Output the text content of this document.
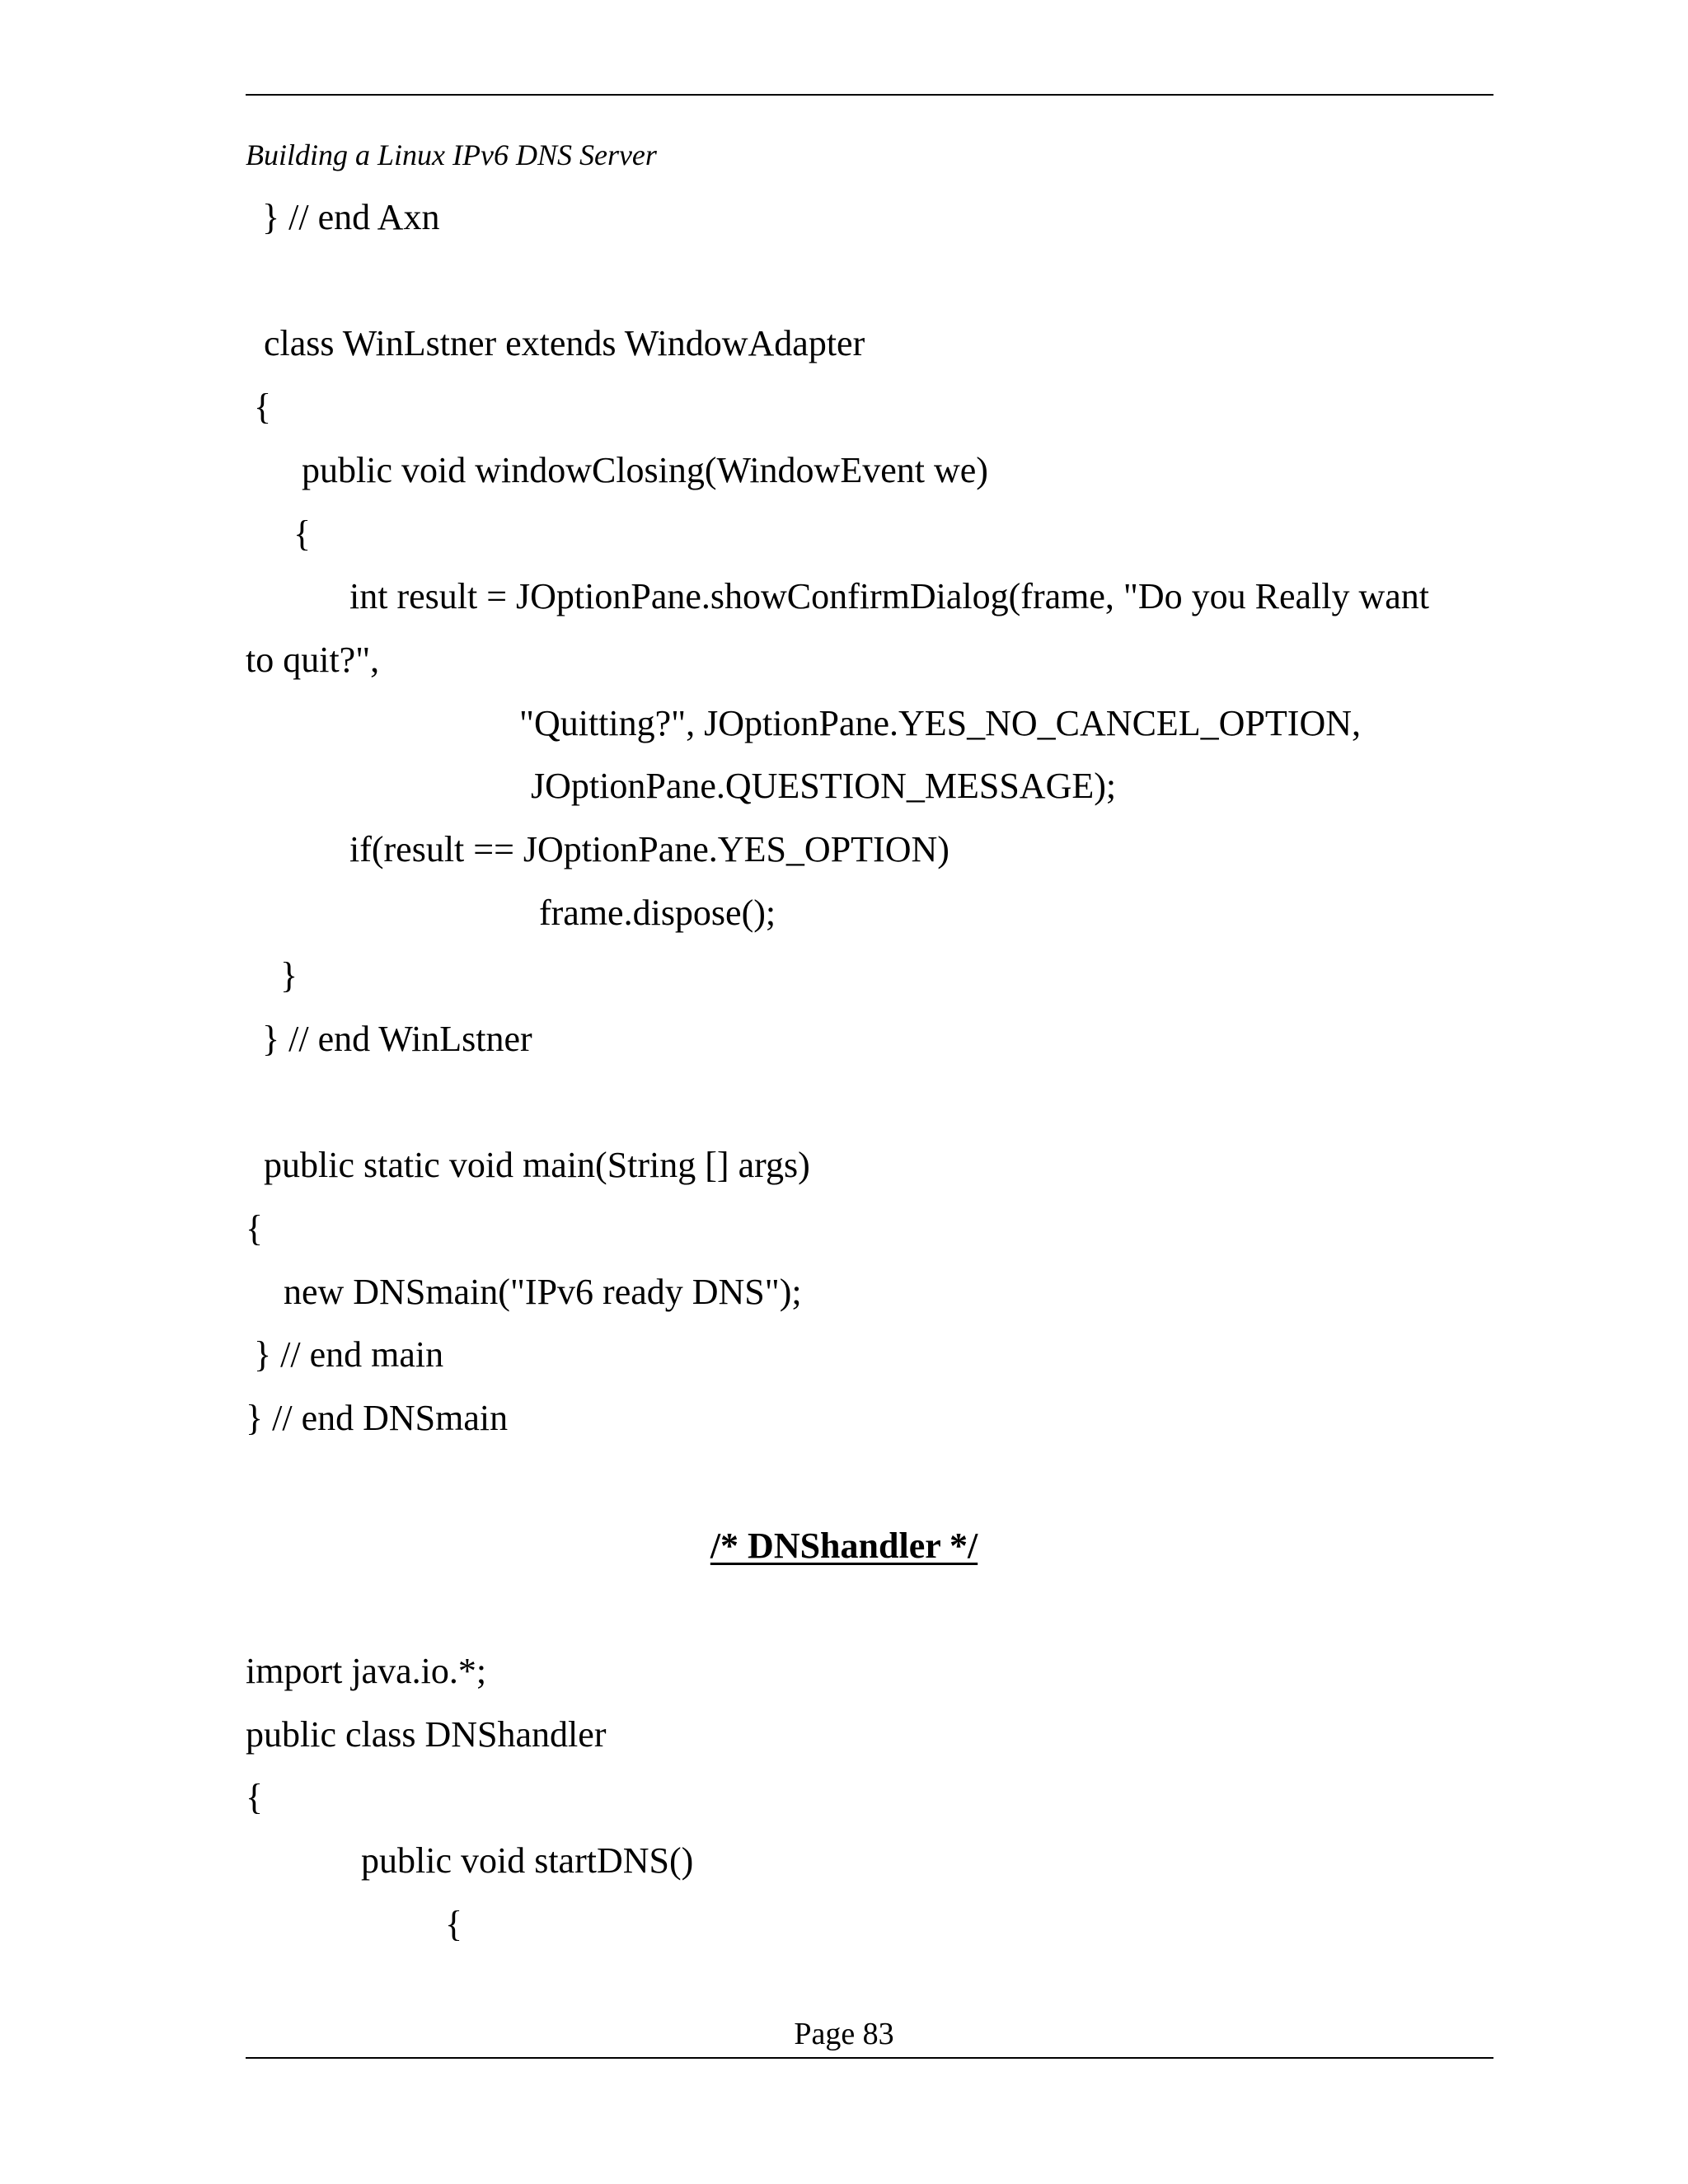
Building a Linux IPv6 DNS Server
} // end Axn
class WinLstner extends WindowAdapter
{
public void windowClosing(WindowEvent we)
{
int result = JOptionPane.showConfirmDialog(frame, "Do you Really want
to quit?",
"Quitting?", JOptionPane.YES_NO_CANCEL_OPTION,
JOptionPane.QUESTION_MESSAGE);
if(result == JOptionPane.YES_OPTION)
frame.dispose();
}
} // end WinLstner
public static void main(String [] args)
{
new DNSmain("IPv6 ready DNS");
} // end main
} // end DNSmain
/* DNShandler */
import java.io.*;
public class DNShandler
{
public void startDNS()
{
Page 83
